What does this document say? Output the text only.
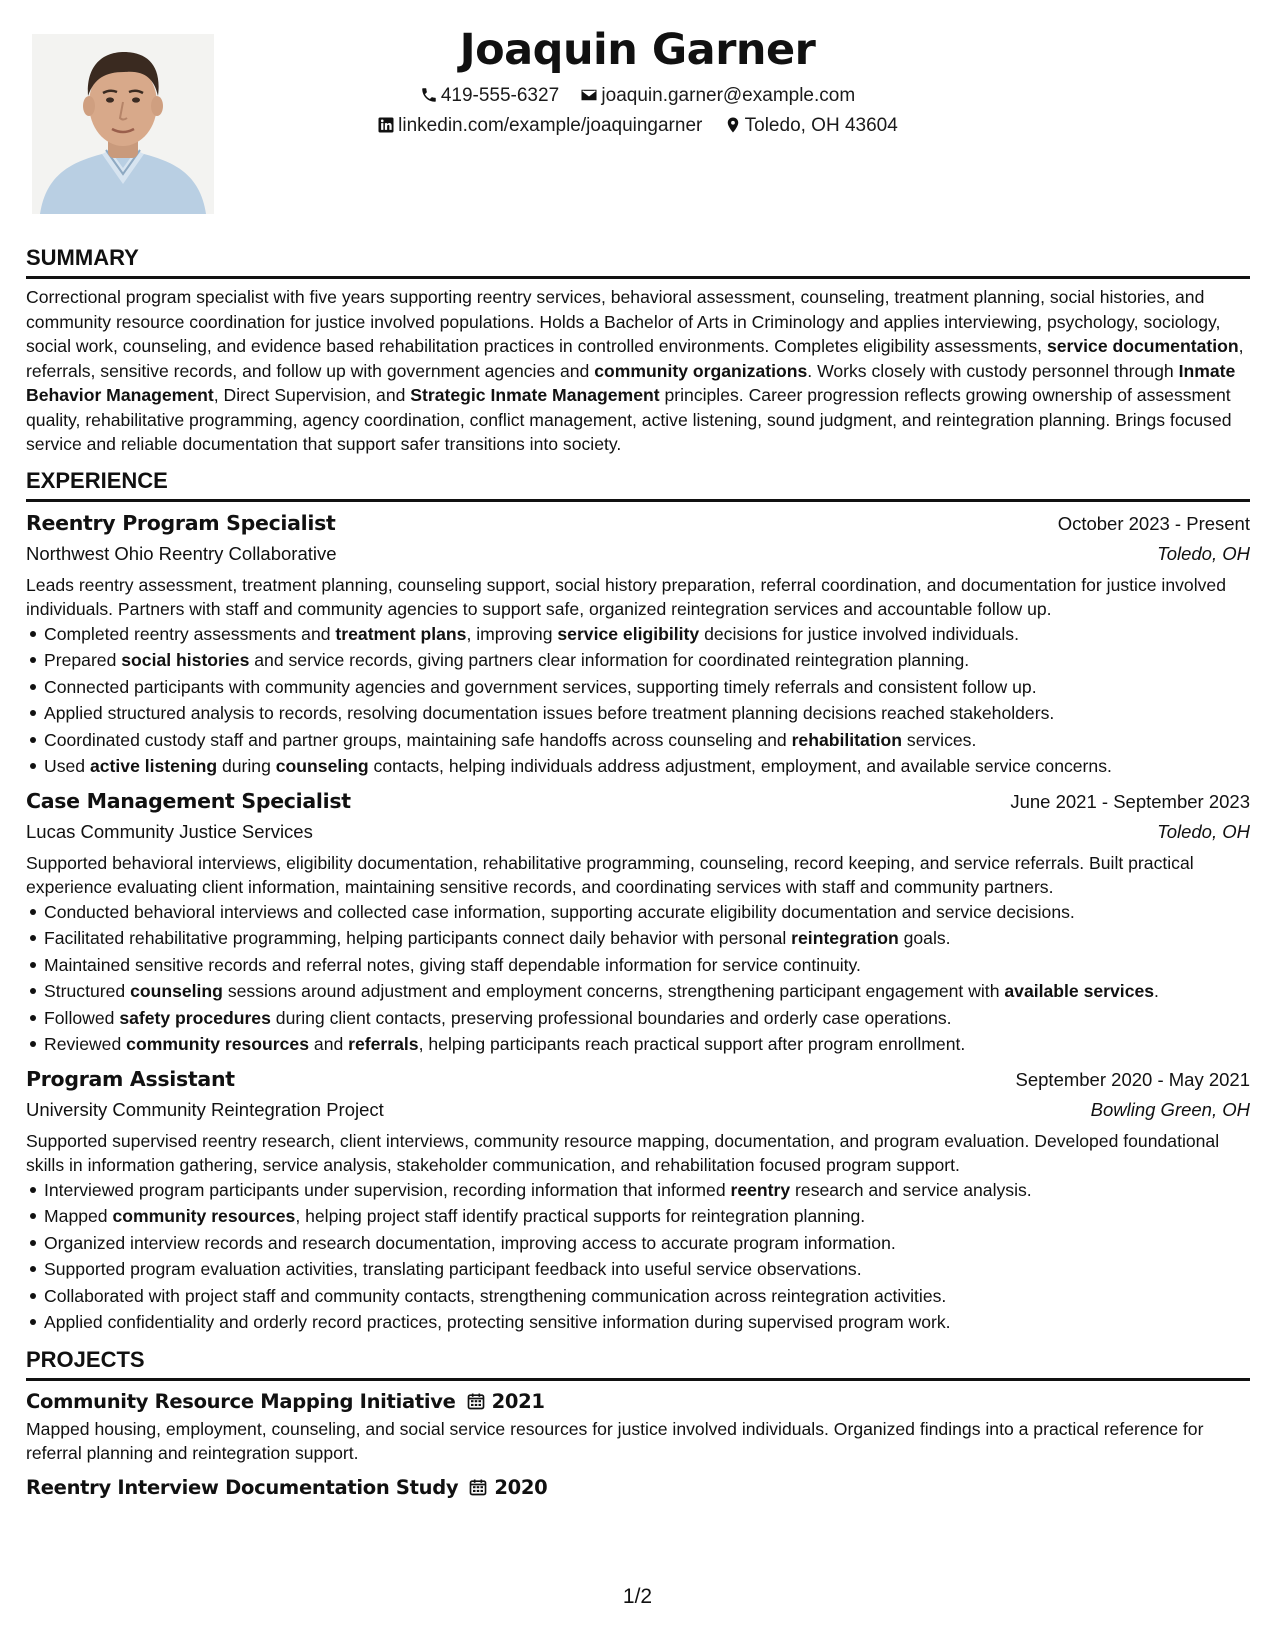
Joaquin Garner
419-555-6327 joaquin.garner@example.com
linkedin.com/example/joaquingarner Toledo, OH 43604
SUMMARY

Correctional program specialist with five years supporting reentry services, behavioral assessment, counseling, treatment planning, social histories, and community resource coordination for justice involved populations. Holds a Bachelor of Arts in Criminology and applies interviewing, psychology, sociology, social work, counseling, and evidence based rehabilitation practices in controlled environments. Completes eligibility assessments, service documentation, referrals, sensitive records, and follow up with government agencies and community organizations. Works closely with custody personnel through Inmate Behavior Management, Direct Supervision, and Strategic Inmate Management principles. Career progression reflects growing ownership of assessment quality, rehabilitative programming, agency coordination, conflict management, active listening, sound judgment, and reintegration planning. Brings focused service and reliable documentation that support safer transitions into society.

EXPERIENCE
Reentry Program Specialist	October 2023 - Present
Northwest Ohio Reentry Collaborative	Toledo, OH
Leads reentry assessment, treatment planning, counseling support, social history preparation, referral coordination, and documentation for justice involved individuals. Partners with staff and community agencies to support safe, organized reintegration services and accountable follow up.
Completed reentry assessments and treatment plans, improving service eligibility decisions for justice involved individuals.
Prepared social histories and service records, giving partners clear information for coordinated reintegration planning.
Connected participants with community agencies and government services, supporting timely referrals and consistent follow up.
Applied structured analysis to records, resolving documentation issues before treatment planning decisions reached stakeholders.
Coordinated custody staff and partner groups, maintaining safe handoffs across counseling and rehabilitation services.
Used active listening during counseling contacts, helping individuals address adjustment, employment, and available service concerns.
Case Management Specialist	June 2021 - September 2023
Lucas Community Justice Services	Toledo, OH
Supported behavioral interviews, eligibility documentation, rehabilitative programming, counseling, record keeping, and service referrals. Built practical experience evaluating client information, maintaining sensitive records, and coordinating services with staff and community partners.
Conducted behavioral interviews and collected case information, supporting accurate eligibility documentation and service decisions.
Facilitated rehabilitative programming, helping participants connect daily behavior with personal reintegration goals.
Maintained sensitive records and referral notes, giving staff dependable information for service continuity.
Structured counseling sessions around adjustment and employment concerns, strengthening participant engagement with available services.
Followed safety procedures during client contacts, preserving professional boundaries and orderly case operations.
Reviewed community resources and referrals, helping participants reach practical support after program enrollment.
Program Assistant	September 2020 - May 2021
University Community Reintegration Project	Bowling Green, OH
Supported supervised reentry research, client interviews, community resource mapping, documentation, and program evaluation. Developed foundational skills in information gathering, service analysis, stakeholder communication, and rehabilitation focused program support.
Interviewed program participants under supervision, recording information that informed reentry research and service analysis.
Mapped community resources, helping project staff identify practical supports for reintegration planning.
Organized interview records and research documentation, improving access to accurate program information.
Supported program evaluation activities, translating participant feedback into useful service observations.
Collaborated with project staff and community contacts, strengthening communication across reintegration activities.
Applied confidentiality and orderly record practices, protecting sensitive information during supervised program work.
PROJECTS
Community Resource Mapping Initiative 2021
Mapped housing, employment, counseling, and social service resources for justice involved individuals. Organized findings into a practical reference for referral planning and reintegration support.
Reentry Interview Documentation Study 2020
1/2
